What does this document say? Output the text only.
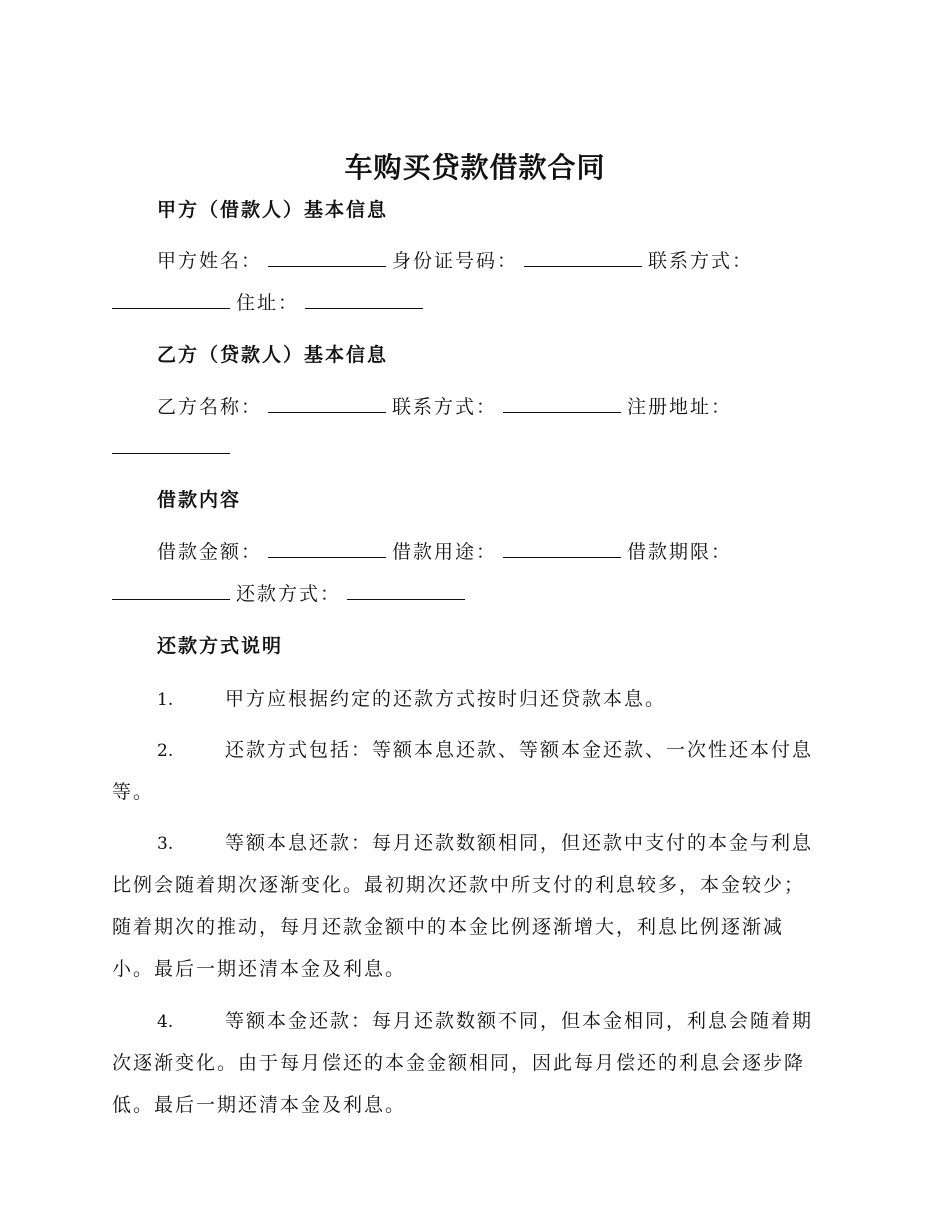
车购买贷款借款合同
甲方（借款人）基本信息
甲方姓名：	身份证号码：	联系方式：
住址：
乙方（贷款人）基本信息
乙方名称：	联系方式：	注册地址：
借款内容
借款金额：	借款用途：	借款期限：
还款方式：
还款方式说明
1.	甲方应根据约定的还款方式按时归还贷款本息。
2.	还款方式包括：等额本息还款、等额本金还款、一次性还本付息
等。
3.	等额本息还款：每月还款数额相同，但还款中支付的本金与利息
比例会随着期次逐渐变化。最初期次还款中所支付的利息较多，本金较少；
随着期次的推动，每月还款金额中的本金比例逐渐增大，利息比例逐渐减
小。最后一期还清本金及利息。
4.	等额本金还款：每月还款数额不同，但本金相同，利息会随着期
次逐渐变化。由于每月偿还的本金金额相同，因此每月偿还的利息会逐步降
低。最后一期还清本金及利息。
